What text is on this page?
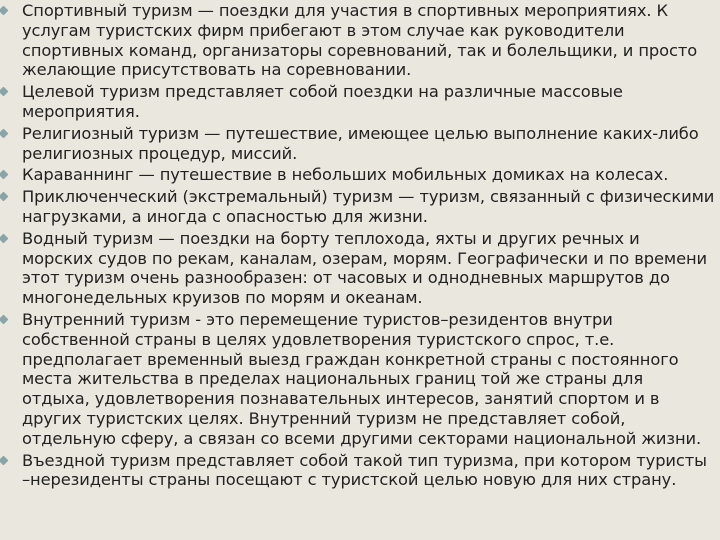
Спортивный туризм — поездки для участия в спортивных мероприятиях. К услугам туристских фирм прибегают в этом случае как руководители спортивных команд, организаторы соревнований, так и болельщики, и просто желающие присутствовать на соревновании.
Целевой туризм представляет собой поездки на различные массовые мероприятия.
Религиозный туризм — путешествие, имеющее целью выполнение каких-либо религиозных процедур, миссий.
Караваннинг — путешествие в небольших мобильных домиках на колесах.
Приключенческий (экстремальный) туризм — туризм, связанный с физическими нагрузками, а иногда с опасностью для жизни.
Водный туризм — поездки на борту теплохода, яхты и других речных и морских судов по рекам, каналам, озерам, морям. Географически и по времени этот туризм очень разнообразен: от часовых и однодневных маршрутов до многонедельных круизов по морям и океанам.
Внутренний туризм - это перемещение туристов–резидентов внутри собственной страны в целях удовлетворения туристского спрос, т.е. предполагает временный выезд граждан конкретной страны с постоянного места жительства в пределах национальных границ той же страны для отдыха, удовлетворения познавательных интересов, занятий спортом и в других туристских целях. Внутренний туризм не представляет собой, отдельную сферу, а связан со всеми другими секторами национальной жизни.
Въездной туризм представляет собой такой тип туризма, при котором туристы –нерезиденты страны посещают с туристской целью новую для них страну.
